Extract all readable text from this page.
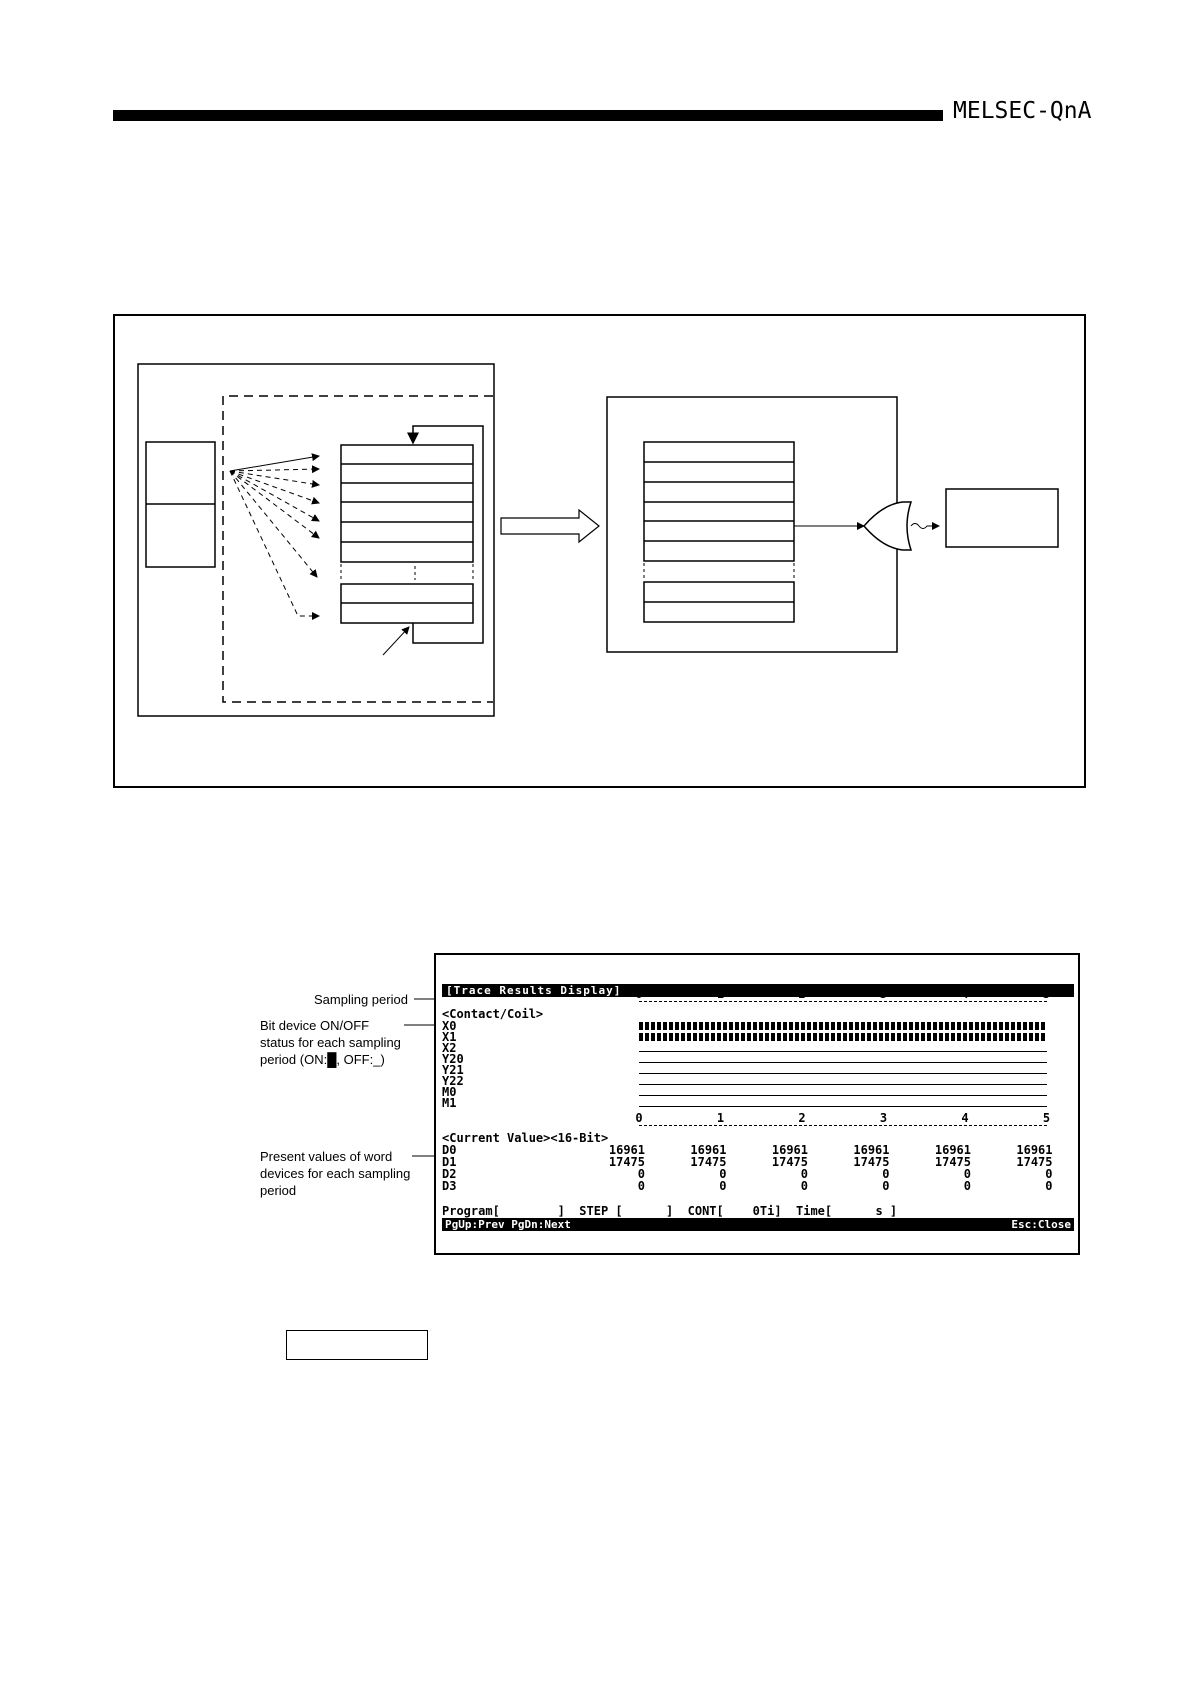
MELSEC-QnA
Sampling period
Bit device ON/OFF
status for each sampling
period (ON:█, OFF:_)
Present values of word
devices for each sampling
period
[Trace Results Display]	0	1	2	3	4	5
<Contact/Coil>
X0
X1
X2
Y20
Y21
Y22
M0
M1
0	1	2	3	4	5
<Current Value><16-Bit>
D0	16961	16961	16961	16961	16961	16961
D1	17475	17475	17475	17475	17475	17475
D2	0	0	0	0	0	0
D3	0	0	0	0	0	0
Program[        ]  STEP [      ]  CONT[    0Ti]  Time[      s ]
PgUp:Prev PgDn:Next	Esc:Close
